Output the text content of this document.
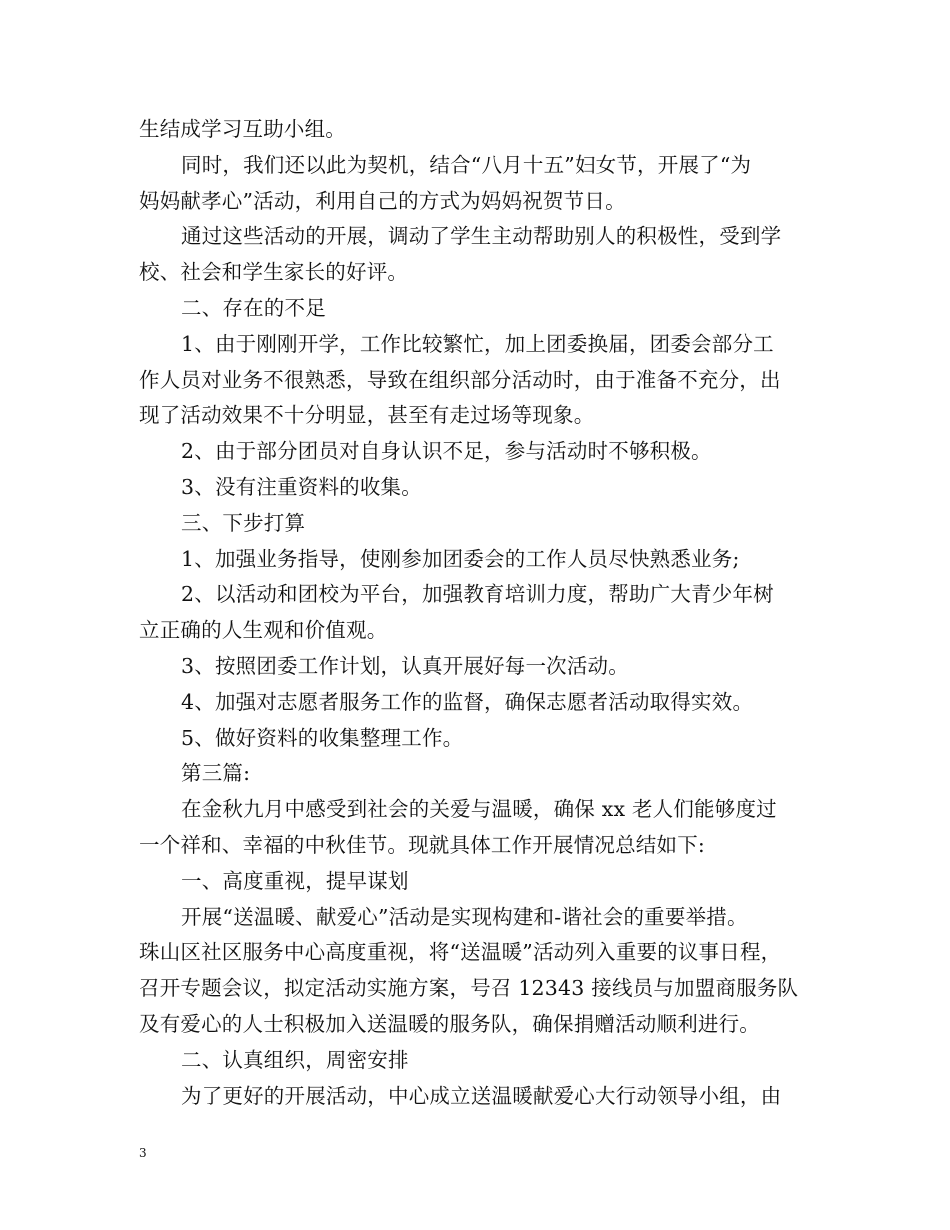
生结成学习互助小组。
同时，我们还以此为契机，结合“八月十五”妇女节，开展了“为
妈妈献孝心”活动，利用自己的方式为妈妈祝贺节日。
通过这些活动的开展，调动了学生主动帮助别人的积极性，受到学
校、社会和学生家长的好评。
二、存在的不足
1、由于刚刚开学，工作比较繁忙，加上团委换届，团委会部分工
作人员对业务不很熟悉，导致在组织部分活动时，由于准备不充分，出
现了活动效果不十分明显，甚至有走过场等现象。
2、由于部分团员对自身认识不足，参与活动时不够积极。
3、没有注重资料的收集。
三、下步打算
1、加强业务指导，使刚参加团委会的工作人员尽快熟悉业务;
2、以活动和团校为平台，加强教育培训力度，帮助广大青少年树
立正确的人生观和价值观。
3、按照团委工作计划，认真开展好每一次活动。
4、加强对志愿者服务工作的监督，确保志愿者活动取得实效。
5、做好资料的收集整理工作。
第三篇:
在金秋九月中感受到社会的关爱与温暖，确保 xx 老人们能够度过
一个祥和、幸福的中秋佳节。现就具体工作开展情况总结如下:
一、高度重视，提早谋划
开展“送温暖、献爱心”活动是实现构建和-谐社会的重要举措。
珠山区社区服务中心高度重视，将“送温暖”活动列入重要的议事日程，
召开专题会议，拟定活动实施方案，号召 12343 接线员与加盟商服务队
及有爱心的人士积极加入送温暖的服务队，确保捐赠活动顺利进行。
二、认真组织，周密安排
为了更好的开展活动，中心成立送温暖献爱心大行动领导小组，由
3
